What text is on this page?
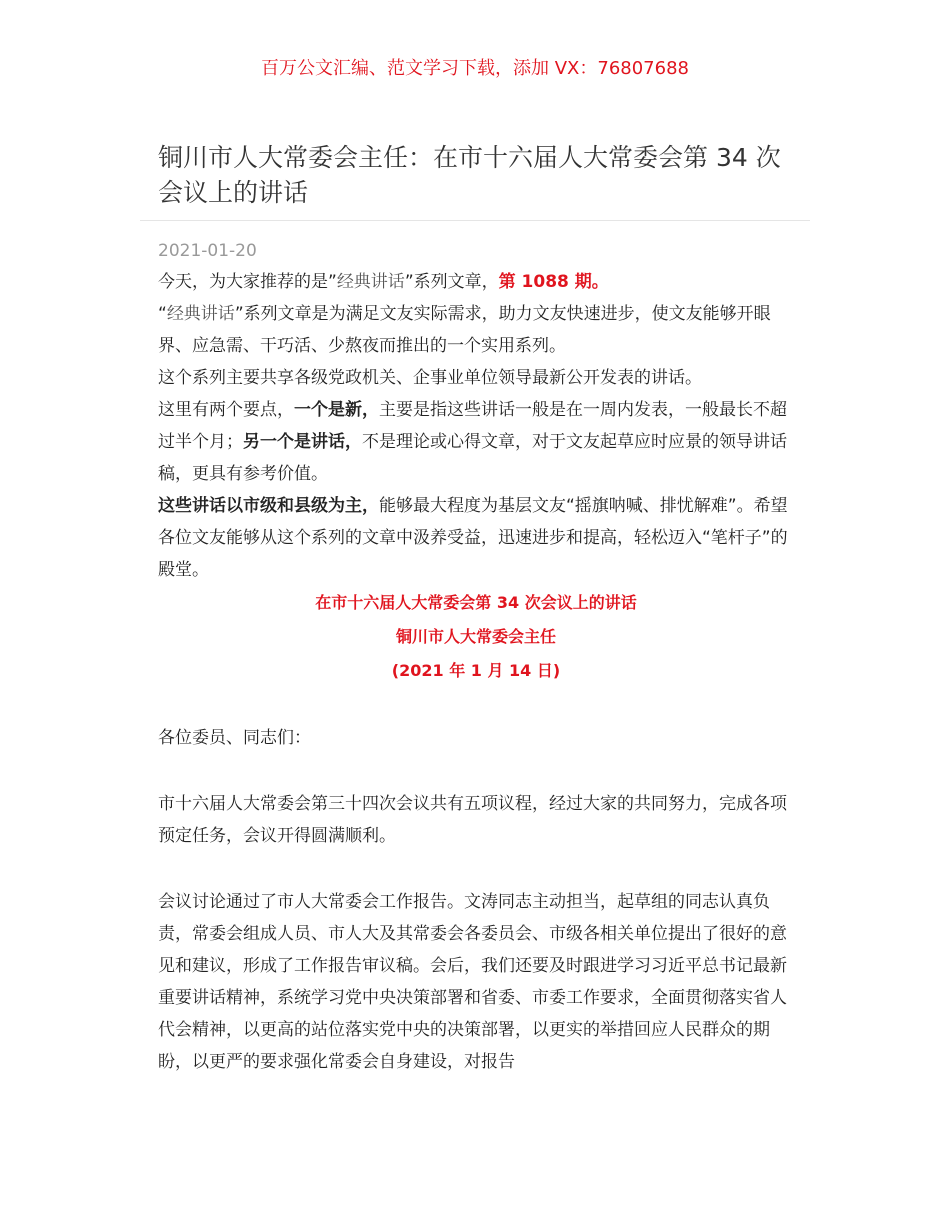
百万公文汇编、范文学习下载，添加 VX：76807688
铜川市人大常委会主任：在市十六届人大常委会第 34 次会议上的讲话
2021-01-20

今天，为大家推荐的是”经典讲话”系列文章，第 1088 期。

“经典讲话”系列文章是为满足文友实际需求，助力文友快速进步，使文友能够开眼界、应急需、干巧活、少熬夜而推出的一个实用系列。

这个系列主要共享各级党政机关、企事业单位领导最新公开发表的讲话。

这里有两个要点，一个是新，主要是指这些讲话一般是在一周内发表，一般最长不超过半个月；另一个是讲话，不是理论或心得文章，对于文友起草应时应景的领导讲话稿，更具有参考价值。

这些讲话以市级和县级为主，能够最大程度为基层文友“摇旗呐喊、排忧解难”。希望各位文友能够从这个系列的文章中汲养受益，迅速进步和提高，轻松迈入“笔杆子”的殿堂。

在市十六届人大常委会第 34 次会议上的讲话
铜川市人大常委会主任
(2021 年 1 月 14 日)

各位委员、同志们：

市十六届人大常委会第三十四次会议共有五项议程，经过大家的共同努力，完成各项预定任务，会议开得圆满顺利。

会议讨论通过了市人大常委会工作报告。文涛同志主动担当，起草组的同志认真负责，常委会组成人员、市人大及其常委会各委员会、市级各相关单位提出了很好的意见和建议，形成了工作报告审议稿。会后，我们还要及时跟进学习习近平总书记最新重要讲话精神，系统学习党中央决策部署和省委、市委工作要求，全面贯彻落实省人代会精神，以更高的站位落实党中央的决策部署，以更实的举措回应人民群众的期盼，以更严的要求强化常委会自身建设，对报告
